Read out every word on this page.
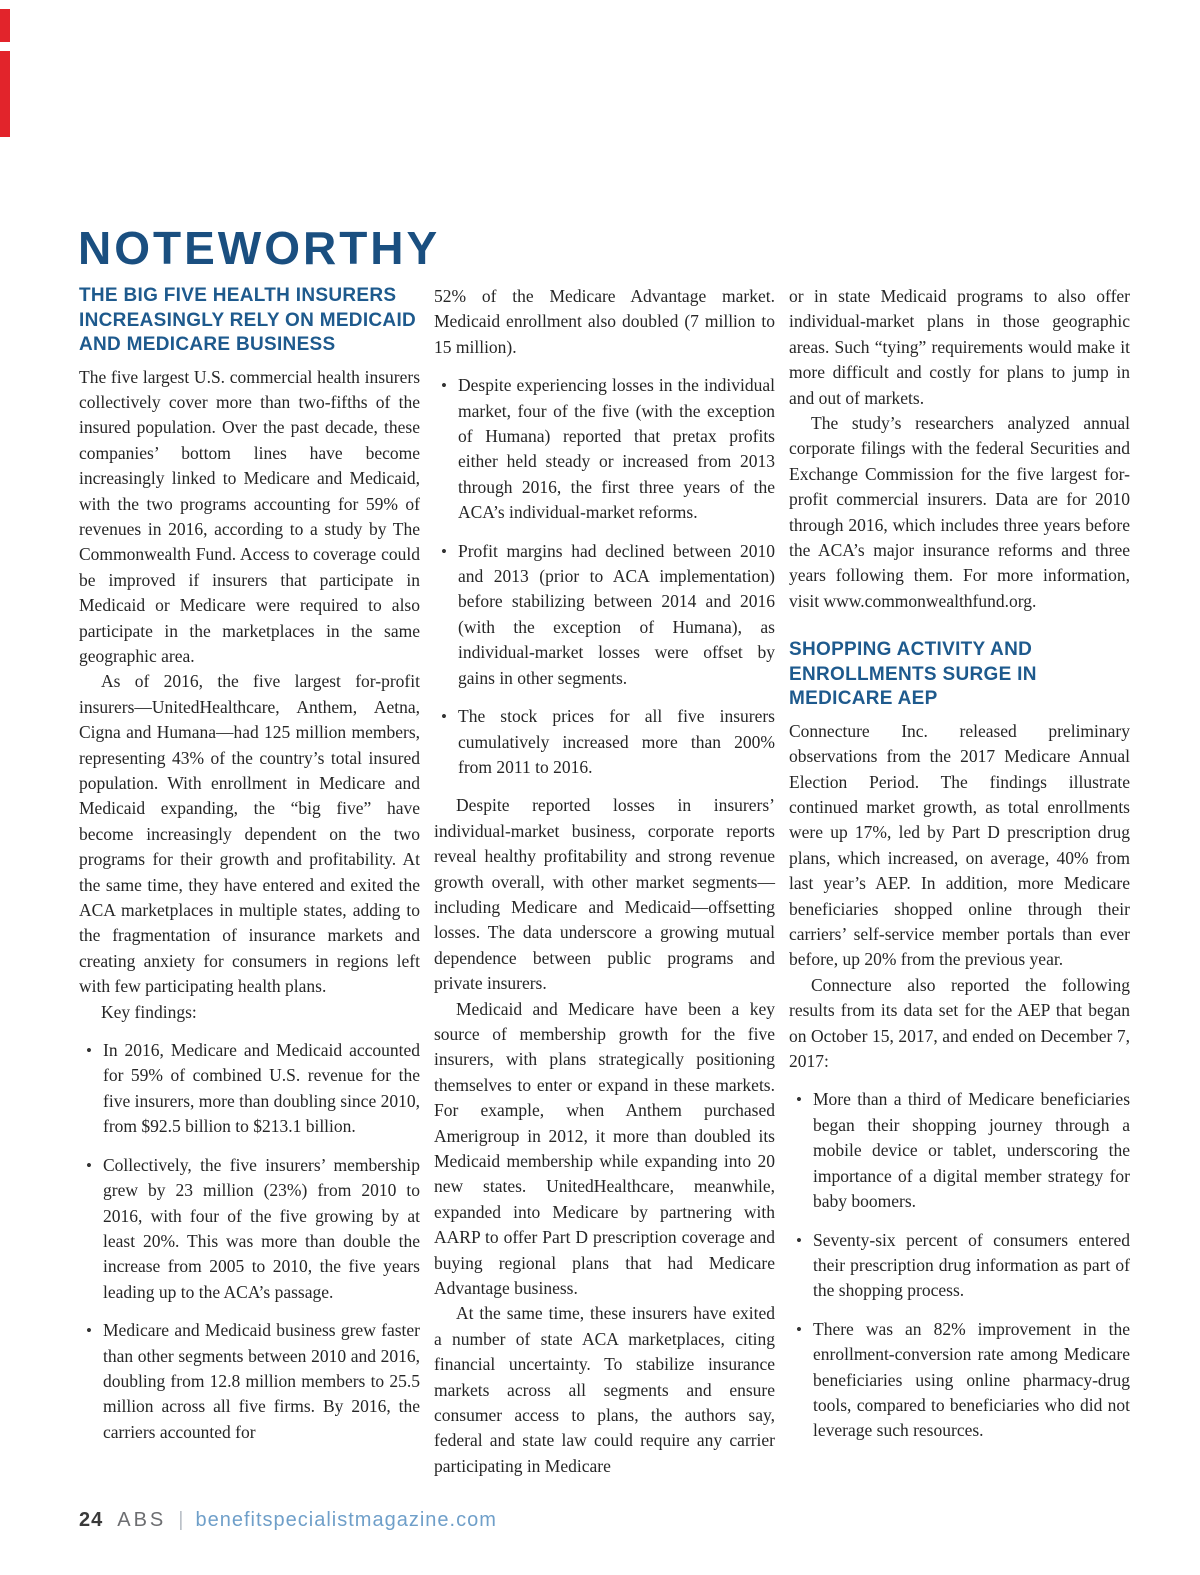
NOTEWORTHY
THE BIG FIVE HEALTH INSURERS INCREASINGLY RELY ON MEDICAID AND MEDICARE BUSINESS

The five largest U.S. commercial health insurers collectively cover more than two-fifths of the insured population. Over the past decade, these companies’ bottom lines have become increasingly linked to Medicare and Medicaid, with the two programs accounting for 59% of revenues in 2016, according to a study by The Commonwealth Fund. Access to coverage could be improved if insurers that participate in Medicaid or Medicare were required to also participate in the marketplaces in the same geographic area.

As of 2016, the five largest for-profit insurers—UnitedHealthcare, Anthem, Aetna, Cigna and Humana—had 125 million members, representing 43% of the country’s total insured population. With enrollment in Medicare and Medicaid expanding, the “big five” have become increasingly dependent on the two programs for their growth and profitability. At the same time, they have entered and exited the ACA marketplaces in multiple states, adding to the fragmentation of insurance markets and creating anxiety for consumers in regions left with few participating health plans.

Key findings:

• In 2016, Medicare and Medicaid accounted for 59% of combined U.S. revenue for the five insurers, more than doubling since 2010, from $92.5 billion to $213.1 billion.
• Collectively, the five insurers’ membership grew by 23 million (23%) from 2010 to 2016, with four of the five growing by at least 20%. This was more than double the increase from 2005 to 2010, the five years leading up to the ACA’s passage.
• Medicare and Medicaid business grew faster than other segments between 2010 and 2016, doubling from 12.8 million members to 25.5 million across all five firms. By 2016, the carriers accounted for

52% of the Medicare Advantage market. Medicaid enrollment also doubled (7 million to 15 million).

• Despite experiencing losses in the individual market, four of the five (with the exception of Humana) reported that pretax profits either held steady or increased from 2013 through 2016, the first three years of the ACA’s individual-market reforms.
• Profit margins had declined between 2010 and 2013 (prior to ACA implementation) before stabilizing between 2014 and 2016 (with the exception of Humana), as individual-market losses were offset by gains in other segments.
• The stock prices for all five insurers cumulatively increased more than 200% from 2011 to 2016.

Despite reported losses in insurers’ individual-market business, corporate reports reveal healthy profitability and strong revenue growth overall, with other market segments—including Medicare and Medicaid—offsetting losses. The data underscore a growing mutual dependence between public programs and private insurers.

Medicaid and Medicare have been a key source of membership growth for the five insurers, with plans strategically positioning themselves to enter or expand in these markets. For example, when Anthem purchased Amerigroup in 2012, it more than doubled its Medicaid membership while expanding into 20 new states. UnitedHealthcare, meanwhile, expanded into Medicare by partnering with AARP to offer Part D prescription coverage and buying regional plans that had Medicare Advantage business.

At the same time, these insurers have exited a number of state ACA marketplaces, citing financial uncertainty. To stabilize insurance markets across all segments and ensure consumer access to plans, the authors say, federal and state law could require any carrier participating in Medicare

or in state Medicaid programs to also offer individual-market plans in those geographic areas. Such “tying” requirements would make it more difficult and costly for plans to jump in and out of markets.

The study’s researchers analyzed annual corporate filings with the federal Securities and Exchange Commission for the five largest for-profit commercial insurers. Data are for 2010 through 2016, which includes three years before the ACA’s major insurance reforms and three years following them. For more information, visit www.commonwealthfund.org.

SHOPPING ACTIVITY AND ENROLLMENTS SURGE IN MEDICARE AEP

Connecture Inc. released preliminary observations from the 2017 Medicare Annual Election Period. The findings illustrate continued market growth, as total enrollments were up 17%, led by Part D prescription drug plans, which increased, on average, 40% from last year’s AEP. In addition, more Medicare beneficiaries shopped online through their carriers’ self-service member portals than ever before, up 20% from the previous year.

Connecture also reported the following results from its data set for the AEP that began on October 15, 2017, and ended on December 7, 2017:

• More than a third of Medicare beneficiaries began their shopping journey through a mobile device or tablet, underscoring the importance of a digital member strategy for baby boomers.
• Seventy-six percent of consumers entered their prescription drug information as part of the shopping process.
• There was an 82% improvement in the enrollment-conversion rate among Medicare beneficiaries using online pharmacy-drug tools, compared to beneficiaries who did not leverage such resources.
24 ABS | benefitspecialistmagazine.com
